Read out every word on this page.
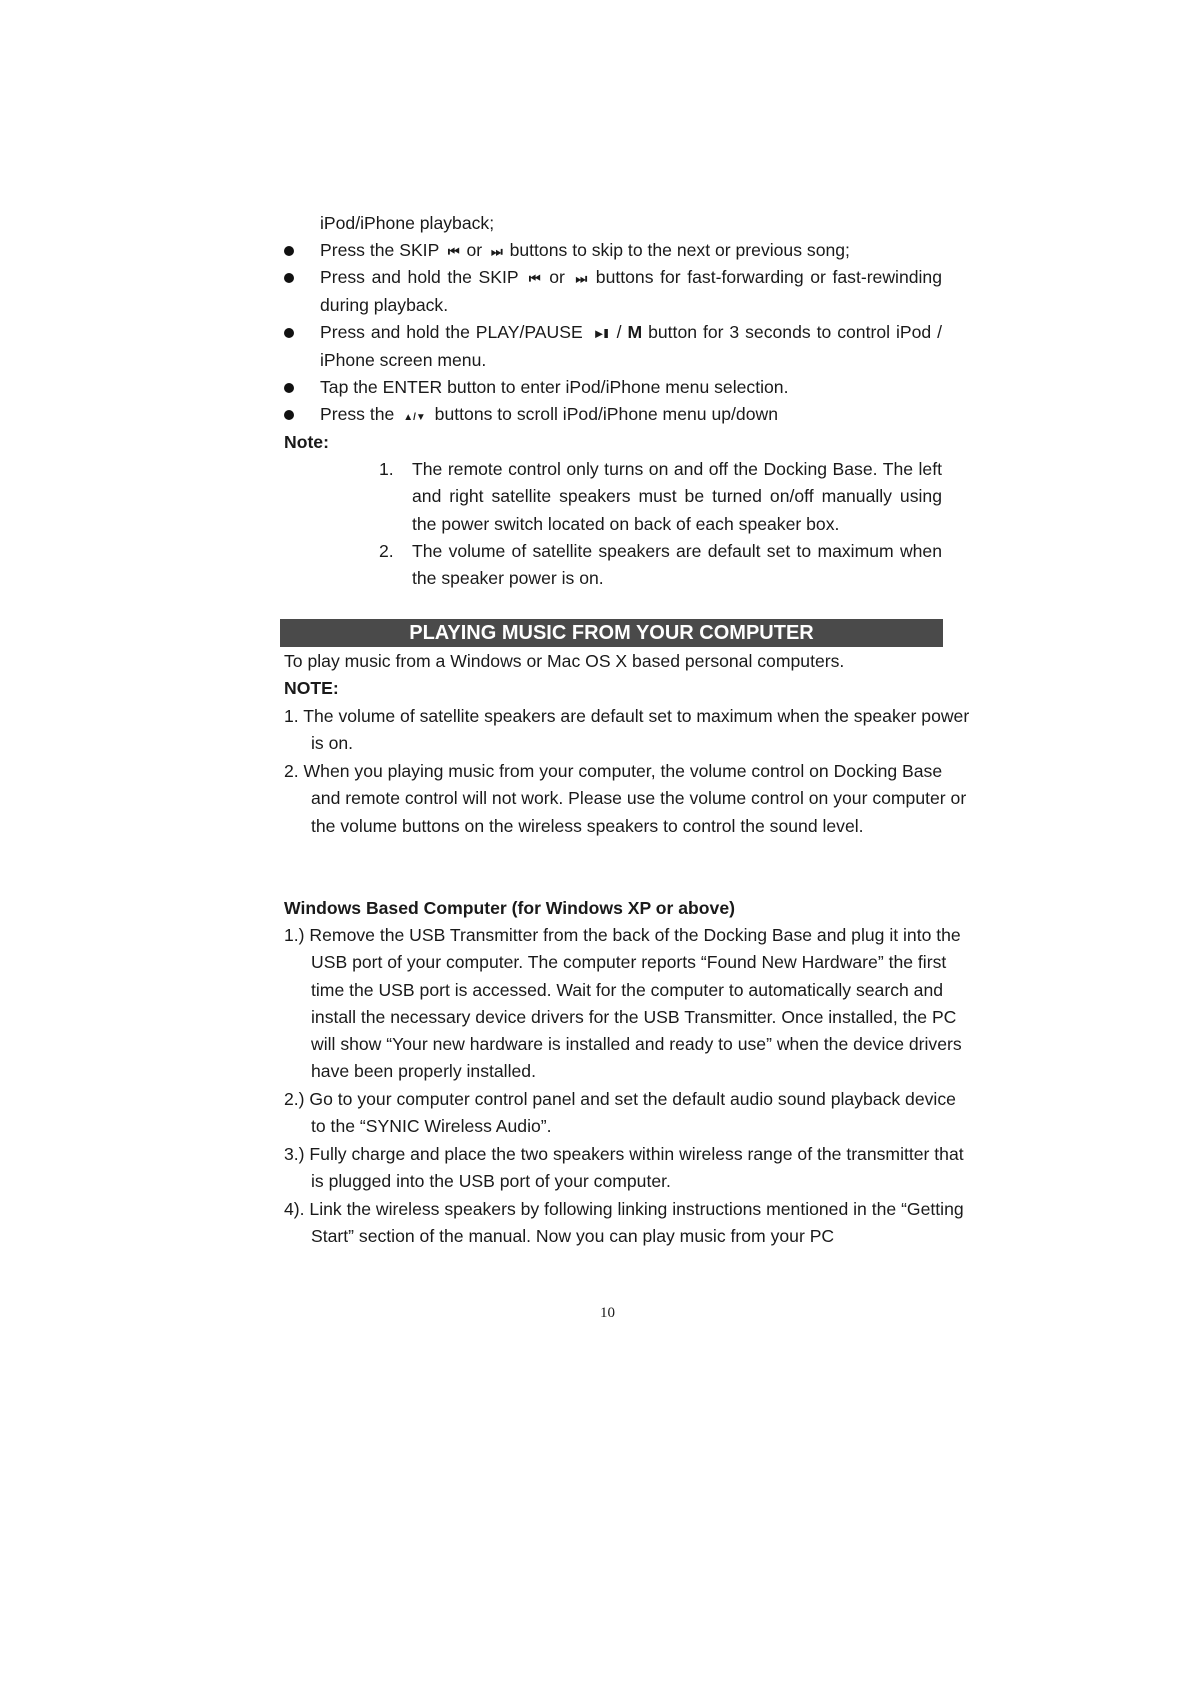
iPod/iPhone playback;
Press the SKIP ⏮ or ⏭ buttons to skip to the next or previous song;
Press and hold the SKIP ⏮ or ⏭ buttons for fast-forwarding or fast-rewinding during playback.
Press and hold the PLAY/PAUSE ►II / M button for 3 seconds to control iPod / iPhone screen menu.
Tap the ENTER button to enter iPod/iPhone menu selection.
Press the ▲/▼ buttons to scroll iPod/iPhone menu up/down
Note:
1. The remote control only turns on and off the Docking Base. The left and right satellite speakers must be turned on/off manually using the power switch located on back of each speaker box.
2. The volume of satellite speakers are default set to maximum when the speaker power is on.
PLAYING MUSIC FROM YOUR COMPUTER
To play music from a Windows or Mac OS X based personal computers.
NOTE:
1. The volume of satellite speakers are default set to maximum when the speaker power is on.
2. When you playing music from your computer, the volume control on Docking Base and remote control will not work. Please use the volume control on your computer or the volume buttons on the wireless speakers to control the sound level.
Windows Based Computer (for Windows XP or above)
1.) Remove the USB Transmitter from the back of the Docking Base and plug it into the USB port of your computer. The computer reports “Found New Hardware” the first time the USB port is accessed. Wait for the computer to automatically search and install the necessary device drivers for the USB Transmitter. Once installed, the PC will show “Your new hardware is installed and ready to use” when the device drivers have been properly installed.
2.) Go to your computer control panel and set the default audio sound playback device to the “SYNIC Wireless Audio”.
3.) Fully charge and place the two speakers within wireless range of the transmitter that is plugged into the USB port of your computer.
4). Link the wireless speakers by following linking instructions mentioned in the “Getting Start” section of the manual. Now you can play music from your PC
10
